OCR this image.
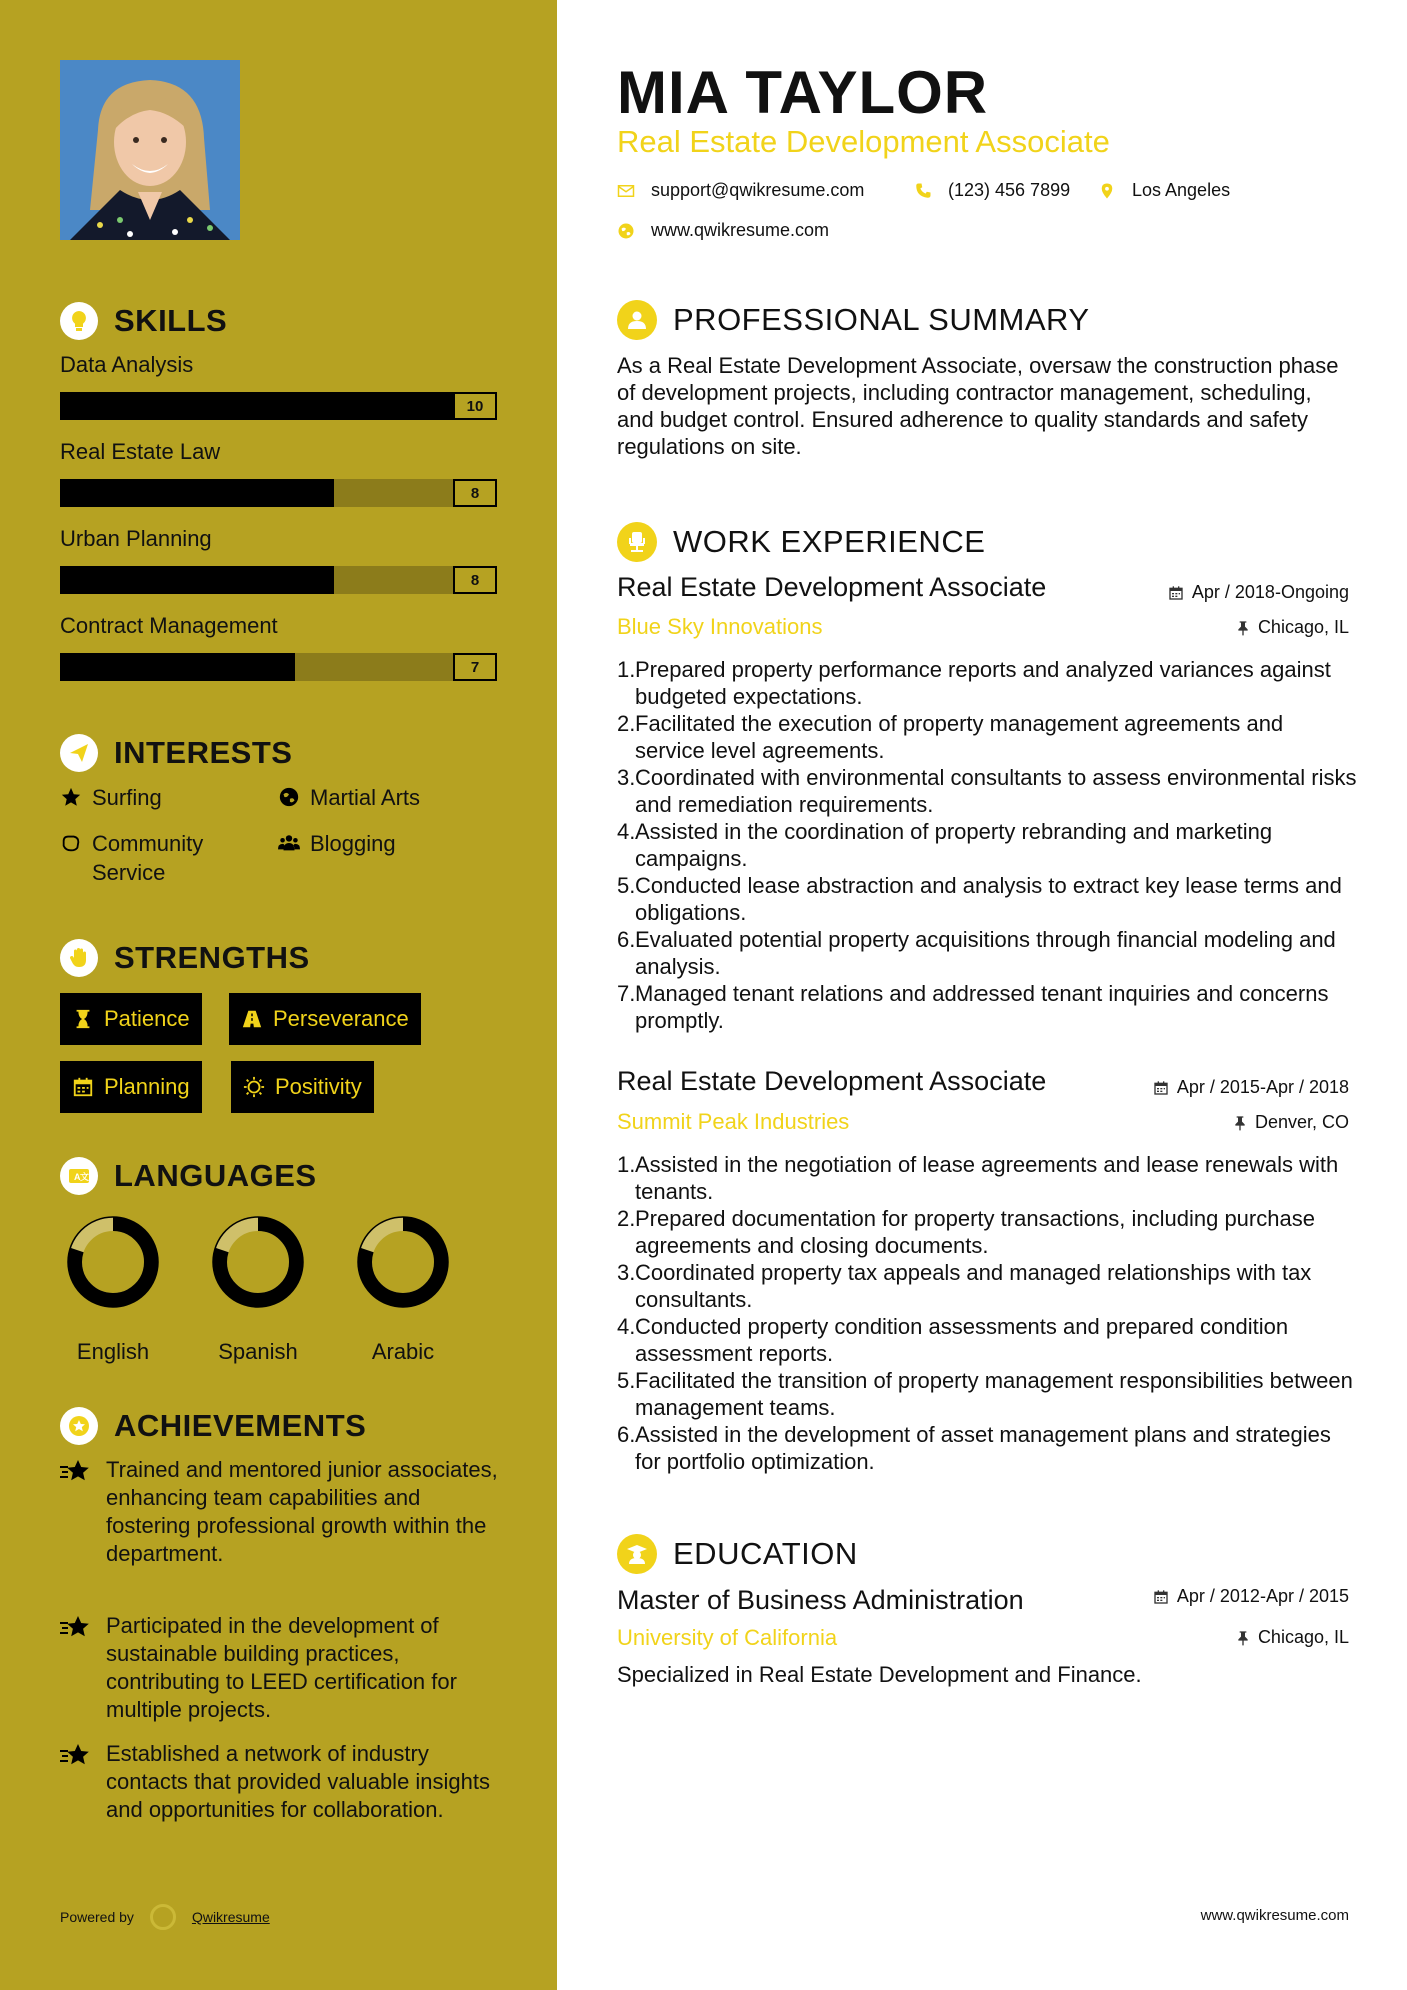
SKILLS
Data Analysis
10
Real Estate Law
8
Urban Planning
8
Contract Management
7
INTERESTS
Surfing	Martial Arts
Community Service
Blogging
STRENGTHS
Patience	Perseverance
Planning	Positivity
A 文 LANGUAGES
English	Spanish	Arabic
ACHIEVEMENTS
Trained and mentored junior associates, enhancing team capabilities and fostering professional growth within the department.
Participated in the development of sustainable building practices, contributing to LEED certification for multiple projects.
Established a network of industry contacts that provided valuable insights and opportunities for collaboration.
Powered by	Qwikresume
MIA TAYLOR
Real Estate Development Associate
support@qwikresume.com	(123) 456 7899	Los Angeles
www.qwikresume.com
PROFESSIONAL SUMMARY
As a Real Estate Development Associate, oversaw the construction phase of development projects, including contractor management, scheduling, and budget control. Ensured adherence to quality standards and safety regulations on site.
WORK EXPERIENCE
Real Estate Development Associate	Apr / 2018-Ongoing
Blue Sky Innovations	Chicago, IL
1.Prepared property performance reports and analyzed variances against budgeted expectations.
2.Facilitated the execution of property management agreements and service level agreements.
3.Coordinated with environmental consultants to assess environmental risks and remediation requirements.
4.Assisted in the coordination of property rebranding and marketing campaigns.
5.Conducted lease abstraction and analysis to extract key lease terms and obligations.
6.Evaluated potential property acquisitions through financial modeling and analysis.
7.Managed tenant relations and addressed tenant inquiries and concerns promptly.
Real Estate Development Associate	Apr / 2015-Apr / 2018
Summit Peak Industries	Denver, CO
1.Assisted in the negotiation of lease agreements and lease renewals with tenants.
2.Prepared documentation for property transactions, including purchase agreements and closing documents.
3.Coordinated property tax appeals and managed relationships with tax consultants.
4.Conducted property condition assessments and prepared condition assessment reports.
5.Facilitated the transition of property management responsibilities between management teams.
6.Assisted in the development of asset management plans and strategies for portfolio optimization.
EDUCATION
Master of Business Administration	Apr / 2012-Apr / 2015
University of California	Chicago, IL
Specialized in Real Estate Development and Finance.
www.qwikresume.com
